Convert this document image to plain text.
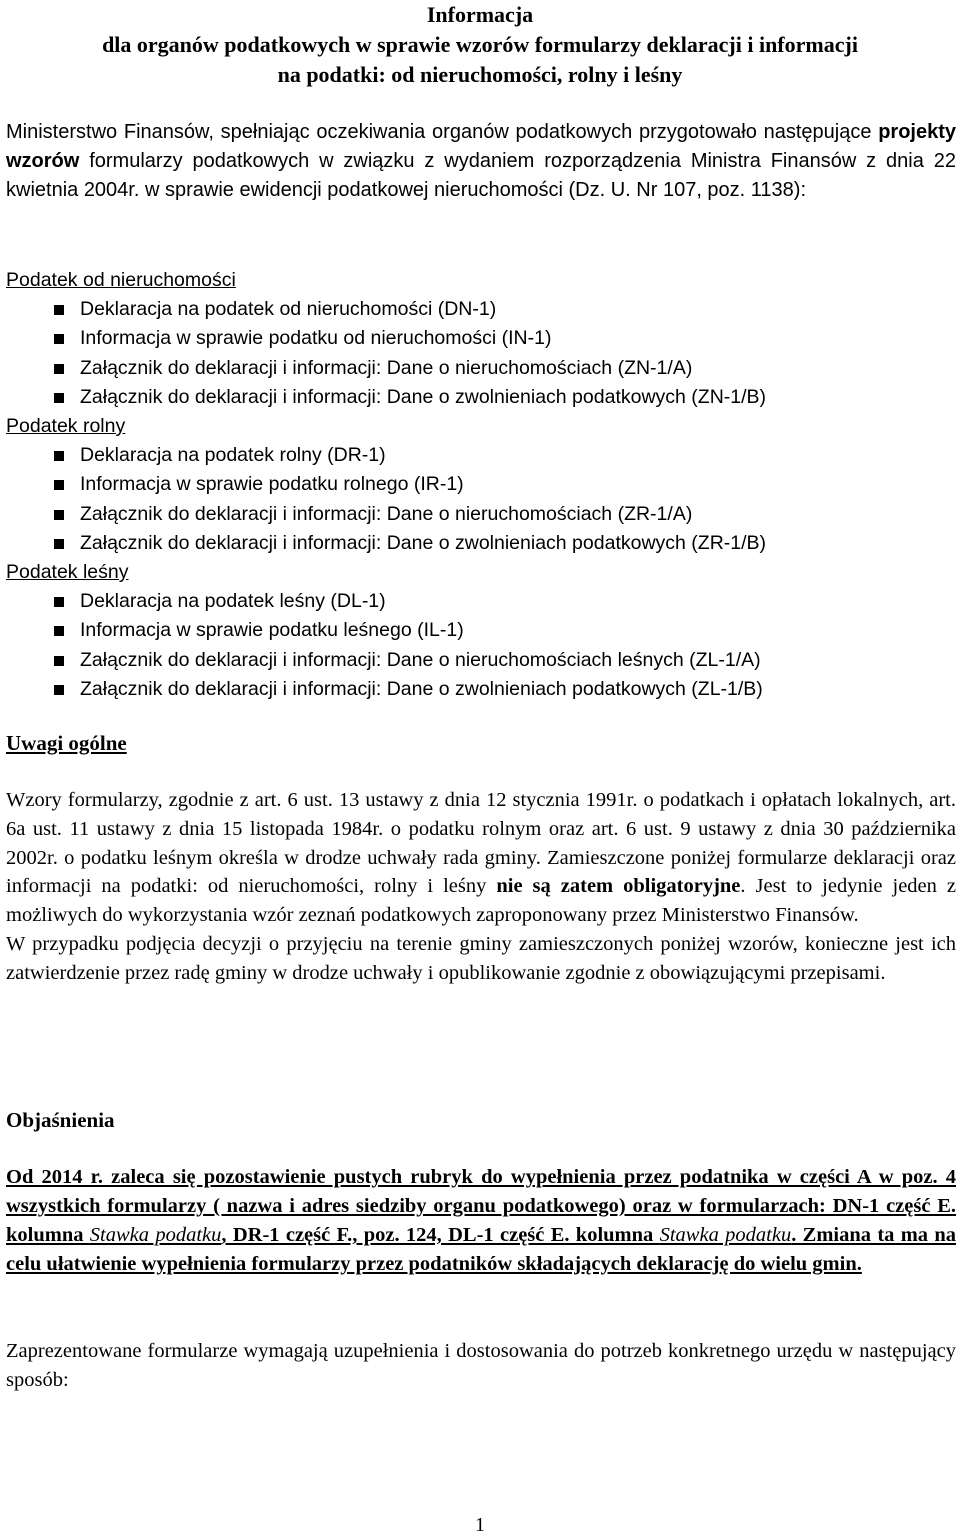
Informacja
dla organów podatkowych w sprawie wzorów formularzy deklaracji i informacji
na podatki: od nieruchomości, rolny i leśny
Ministerstwo Finansów, spełniając oczekiwania organów podatkowych przygotowało następujące projekty wzorów formularzy podatkowych w związku z wydaniem rozporządzenia Ministra Finansów z dnia 22 kwietnia 2004r. w sprawie ewidencji podatkowej nieruchomości (Dz. U. Nr 107, poz. 1138):
Podatek od nieruchomości
Deklaracja na podatek od nieruchomości (DN-1)
Informacja w sprawie podatku od nieruchomości (IN-1)
Załącznik do deklaracji i informacji: Dane o nieruchomościach (ZN-1/A)
Załącznik do deklaracji i informacji: Dane o zwolnieniach podatkowych (ZN-1/B)
Podatek rolny
Deklaracja na podatek rolny (DR-1)
Informacja w sprawie podatku rolnego (IR-1)
Załącznik do deklaracji i informacji: Dane o nieruchomościach (ZR-1/A)
Załącznik do deklaracji i informacji: Dane o zwolnieniach podatkowych (ZR-1/B)
Podatek leśny
Deklaracja na podatek leśny (DL-1)
Informacja w sprawie podatku leśnego (IL-1)
Załącznik do deklaracji i informacji: Dane o nieruchomościach leśnych (ZL-1/A)
Załącznik do deklaracji i informacji: Dane o zwolnieniach podatkowych (ZL-1/B)
Uwagi ogólne

Wzory formularzy, zgodnie z art. 6 ust. 13 ustawy z dnia 12 stycznia 1991r. o podatkach i opłatach lokalnych, art. 6a ust. 11 ustawy z dnia 15 listopada 1984r. o podatku rolnym oraz art. 6 ust. 9 ustawy z dnia 30 października 2002r. o podatku leśnym określa w drodze uchwały rada gminy. Zamieszczone poniżej formularze deklaracji oraz informacji na podatki: od nieruchomości, rolny i leśny nie są zatem obligatoryjne. Jest to jedynie jeden z możliwych do wykorzystania wzór zeznań podatkowych zaproponowany przez Ministerstwo Finansów.

W przypadku podjęcia decyzji o przyjęciu na terenie gminy zamieszczonych poniżej wzorów, konieczne jest ich zatwierdzenie przez radę gminy w drodze uchwały i opublikowanie zgodnie z obowiązującymi przepisami.

Objaśnienia
Od 2014 r. zaleca się pozostawienie pustych rubryk do wypełnienia przez podatnika w części A w poz. 4 wszystkich formularzy ( nazwa i adres siedziby organu podatkowego) oraz w formularzach: DN-1 część E. kolumna Stawka podatku, DR-1 część F., poz. 124, DL-1 część E. kolumna Stawka podatku. Zmiana ta ma na celu ułatwienie wypełnienia formularzy przez podatników składających deklarację do wielu gmin.
Zaprezentowane formularze wymagają uzupełnienia i dostosowania do potrzeb konkretnego urzędu w następujący sposób:
1
